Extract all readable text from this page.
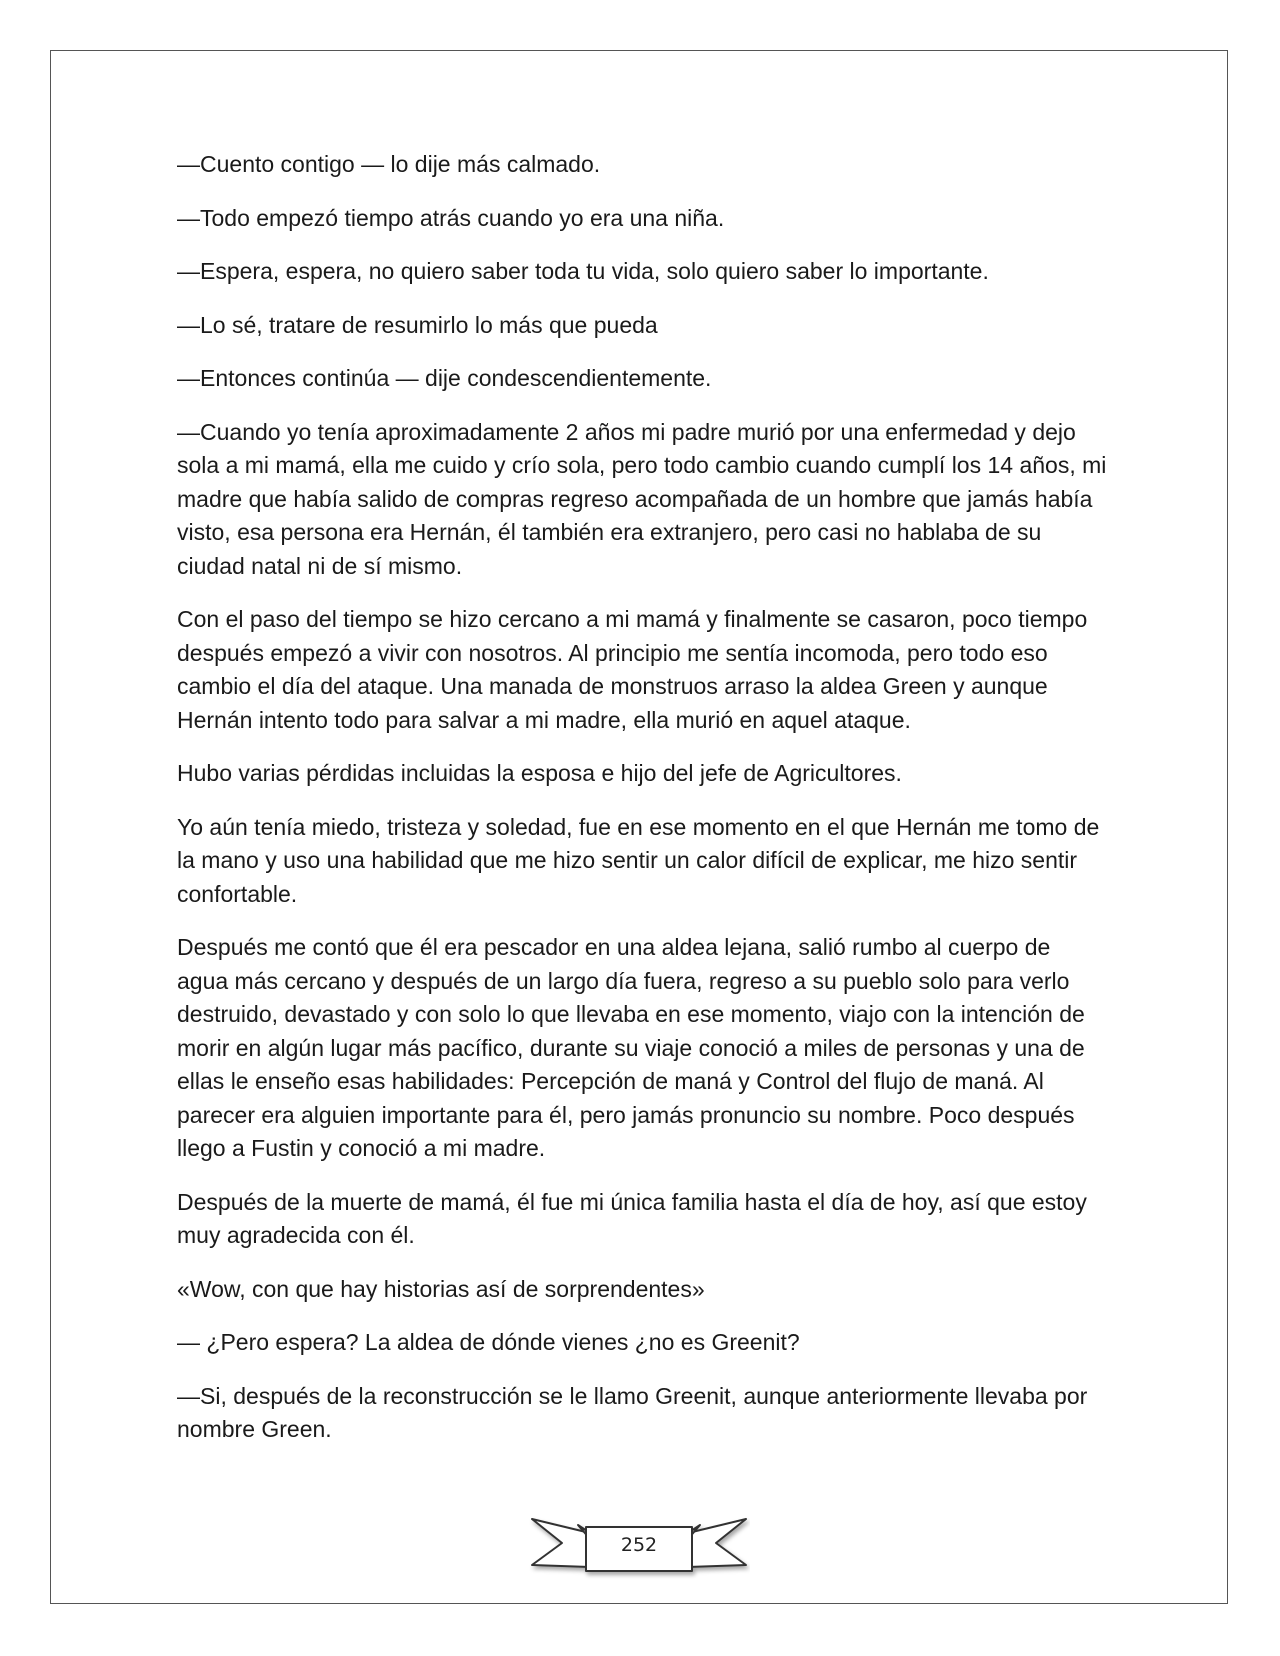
—Cuento contigo — lo dije más calmado.

—Todo empezó tiempo atrás cuando yo era una niña.

—Espera, espera, no quiero saber toda tu vida, solo quiero saber lo importante.

—Lo sé, tratare de resumirlo lo más que pueda

—Entonces continúa — dije condescendientemente.

—Cuando yo tenía aproximadamente 2 años mi padre murió por una enfermedad y dejo sola a mi mamá, ella me cuido y crío sola, pero todo cambio cuando cumplí los 14 años, mi madre que había salido de compras regreso acompañada de un hombre que jamás había visto, esa persona era Hernán, él también era extranjero, pero casi no hablaba de su ciudad natal ni de sí mismo.

Con el paso del tiempo se hizo cercano a mi mamá y finalmente se casaron, poco tiempo después empezó a vivir con nosotros. Al principio me sentía incomoda, pero todo eso cambio el día del ataque. Una manada de monstruos arraso la aldea Green y aunque Hernán intento todo para salvar a mi madre, ella murió en aquel ataque.

Hubo varias pérdidas incluidas la esposa e hijo del jefe de Agricultores.

Yo aún tenía miedo, tristeza y soledad, fue en ese momento en el que Hernán me tomo de la mano y uso una habilidad que me hizo sentir un calor difícil de explicar, me hizo sentir confortable.

Después me contó que él era pescador en una aldea lejana, salió rumbo al cuerpo de agua más cercano y después de un largo día fuera, regreso a su pueblo solo para verlo destruido, devastado y con solo lo que llevaba en ese momento, viajo con la intención de morir en algún lugar más pacífico, durante su viaje conoció a miles de personas y una de ellas le enseño esas habilidades: Percepción de maná y Control del flujo de maná. Al parecer era alguien importante para él, pero jamás pronuncio su nombre. Poco después llego a Fustin y conoció a mi madre.

Después de la muerte de mamá, él fue mi única familia hasta el día de hoy, así que estoy muy agradecida con él.

«Wow, con que hay historias así de sorprendentes»

— ¿Pero espera? La aldea de dónde vienes ¿no es Greenit?

—Si, después de la reconstrucción se le llamo Greenit, aunque anteriormente llevaba por nombre Green.

252
